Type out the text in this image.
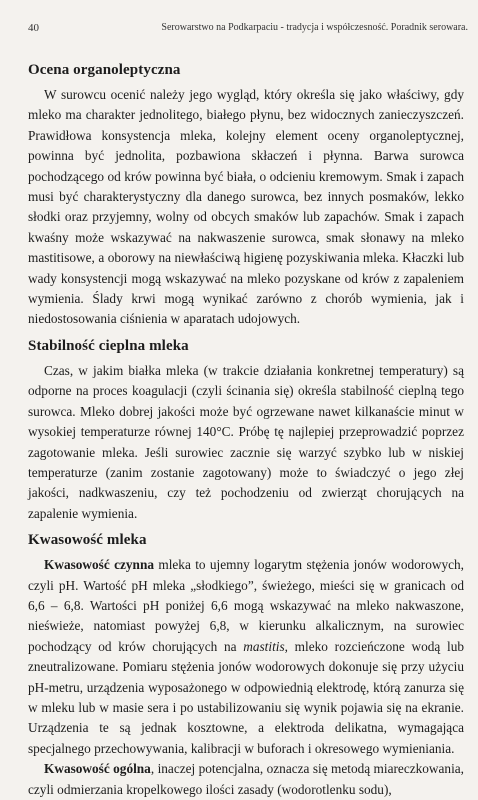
40	Serowarstwo na Podkarpaciu - tradycja i współczesność. Poradnik serowara.
Ocena organoleptyczna

W surowcu ocenić należy jego wygląd, który określa się jako właściwy, gdy mleko ma charakter jednolitego, białego płynu, bez widocznych zanieczyszczeń. Prawidłowa konsystencja mleka, kolejny element oceny organoleptycznej, powinna być jednolita, pozbawiona skłaczeń i płynna. Barwa surowca pochodzącego od krów powinna być biała, o odcieniu kremowym. Smak i zapach musi być charakterystyczny dla danego surowca, bez innych posmaków, lekko słodki oraz przyjemny, wolny od obcych smaków lub zapachów. Smak i zapach kwaśny może wskazywać na nakwaszenie surowca, smak słonawy na mleko mastitisowe, a oborowy na niewłaściwą higienę pozyskiwania mleka. Kłaczki lub wady konsystencji mogą wskazywać na mleko pozyskane od krów z zapaleniem wymienia. Ślady krwi mogą wynikać zarówno z chorób wymienia, jak i niedostosowania ciśnienia w aparatach udojowych.

Stabilność cieplna mleka

Czas, w jakim białka mleka (w trakcie działania konkretnej temperatury) są odporne na proces koagulacji (czyli ścinania się) określa stabilność cieplną tego surowca. Mleko dobrej jakości może być ogrzewane nawet kilkanaście minut w wysokiej temperaturze równej 140°C. Próbę tę najlepiej przeprowadzić poprzez zagotowanie mleka. Jeśli surowiec zacznie się warzyć szybko lub w niskiej temperaturze (zanim zostanie zagotowany) może to świadczyć o jego złej jakości, nadkwaszeniu, czy też pochodzeniu od zwierząt chorujących na zapalenie wymienia.

Kwasowość mleka

Kwasowość czynna mleka to ujemny logarytm stężenia jonów wodorowych, czyli pH. Wartość pH mleka „słodkiego”, świeżego, mieści się w granicach od 6,6 – 6,8. Wartości pH poniżej 6,6 mogą wskazywać na mleko nakwaszone, nieświeże, natomiast powyżej 6,8, w kierunku alkalicznym, na surowiec pochodzący od krów chorujących na mastitis, mleko rozcieńczone wodą lub zneutralizowane. Pomiaru stężenia jonów wodorowych dokonuje się przy użyciu pH-metru, urządzenia wyposażonego w odpowiednią elektrodę, którą zanurza się w mleku lub w masie sera i po ustabilizowaniu się wynik pojawia się na ekranie. Urządzenia te są jednak kosztowne, a elektroda delikatna, wymagająca specjalnego przechowywania, kalibracji w buforach i okresowego wymieniania.

Kwasowość ogólna, inaczej potencjalna, oznacza się metodą miareczkowania, czyli odmierzania kropelkowego ilości zasady (wodorotlenku sodu),
